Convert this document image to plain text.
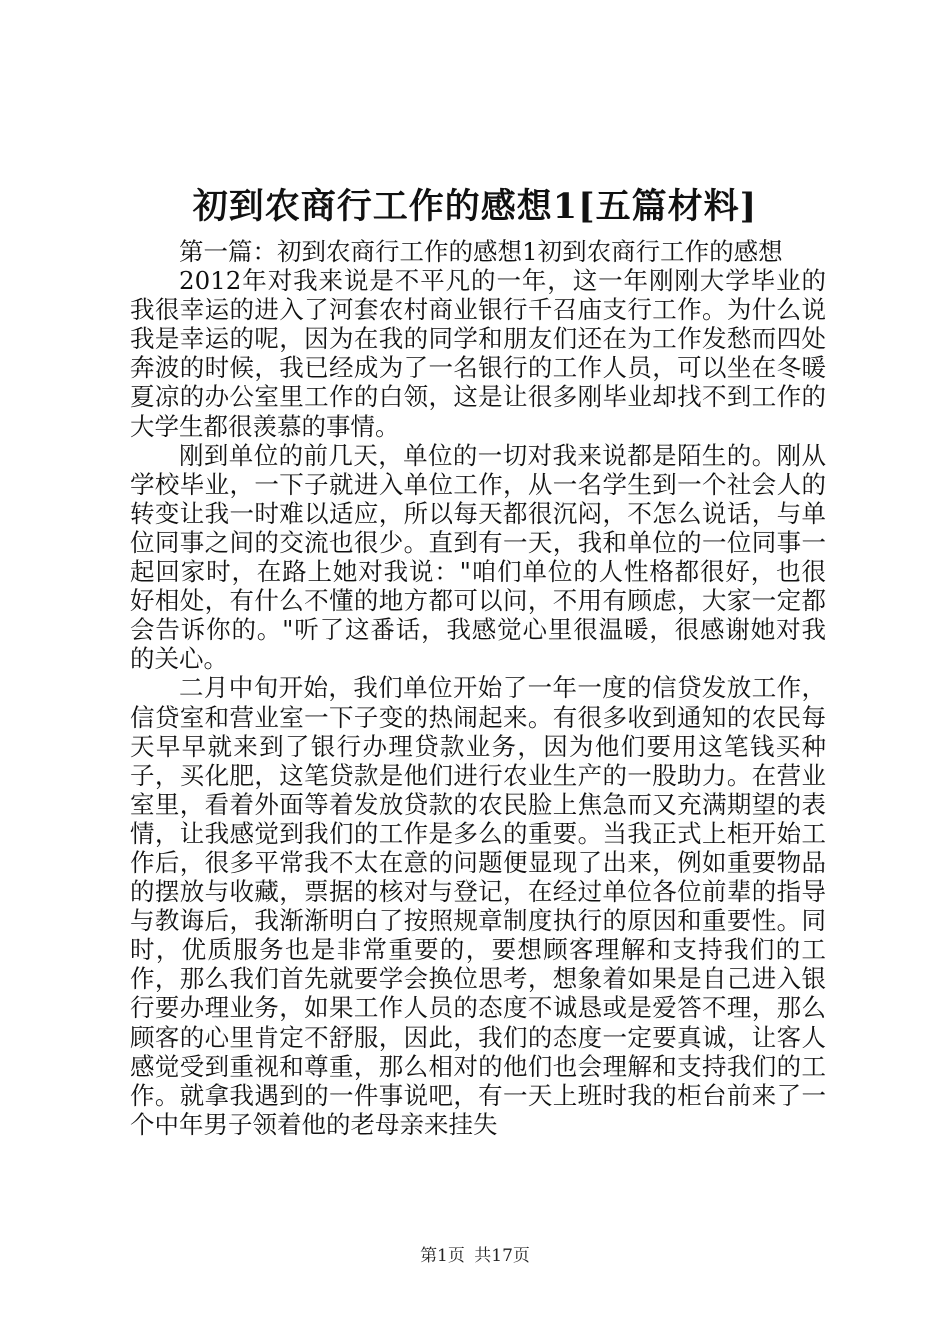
初到农商行工作的感想1[五篇材料]

第一篇：初到农商行工作的感想1初到农商行工作的感想

2012年对我来说是不平凡的一年，这一年刚刚大学毕业的我很幸运的进入了河套农村商业银行千召庙支行工作。为什么说我是幸运的呢，因为在我的同学和朋友们还在为工作发愁而四处奔波的时候，我已经成为了一名银行的工作人员，可以坐在冬暖夏凉的办公室里工作的白领，这是让很多刚毕业却找不到工作的大学生都很羡慕的事情。

刚到单位的前几天，单位的一切对我来说都是陌生的。刚从学校毕业，一下子就进入单位工作，从一名学生到一个社会人的转变让我一时难以适应，所以每天都很沉闷，不怎么说话，与单位同事之间的交流也很少。直到有一天，我和单位的一位同事一起回家时，在路上她对我说："咱们单位的人性格都很好，也很好相处，有什么不懂的地方都可以问，不用有顾虑，大家一定都会告诉你的。"听了这番话，我感觉心里很温暖，很感谢她对我的关心。

二月中旬开始，我们单位开始了一年一度的信贷发放工作，信贷室和营业室一下子变的热闹起来。有很多收到通知的农民每天早早就来到了银行办理贷款业务，因为他们要用这笔钱买种子，买化肥，这笔贷款是他们进行农业生产的一股助力。在营业室里，看着外面等着发放贷款的农民脸上焦急而又充满期望的表情，让我感觉到我们的工作是多么的重要。当我正式上柜开始工作后，很多平常我不太在意的问题便显现了出来，例如重要物品的摆放与收藏，票据的核对与登记，在经过单位各位前辈的指导与教诲后，我渐渐明白了按照规章制度执行的原因和重要性。同时，优质服务也是非常重要的，要想顾客理解和支持我们的工作，那么我们首先就要学会换位思考，想象着如果是自己进入银行要办理业务，如果工作人员的态度不诚恳或是爱答不理，那么顾客的心里肯定不舒服，因此，我们的态度一定要真诚，让客人感觉受到重视和尊重，那么相对的他们也会理解和支持我们的工作。就拿我遇到的一件事说吧，有一天上班时我的柜台前来了一个中年男子领着他的老母亲来挂失

第1页 共17页
